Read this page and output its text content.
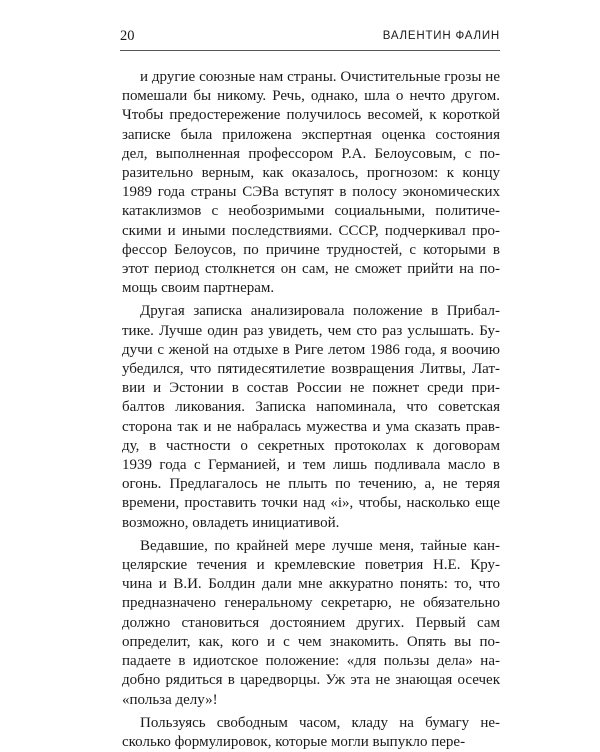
20	ВАЛЕНТИН ФАЛИН

и другие союзные нам страны. Очистительные грозы не
помешали бы никому. Речь, однако, шла о нечто другом.
Чтобы предостережение получилось весомей, к короткой
записке была приложена экспертная оценка состояния
дел, выполненная профессором Р.А. Белоусовым, с по-
разительно верным, как оказалось, прогнозом: к концу
1989 года страны СЭВа вступят в полосу экономических
катаклизмов с необозримыми социальными, политиче-
скими и иными последствиями. СССР, подчеркивал про-
фессор Белоусов, по причине трудностей, с которыми в
этот период столкнется он сам, не сможет прийти на по-
мощь своим партнерам.

Другая записка анализировала положение в Прибал-
тике. Лучше один раз увидеть, чем сто раз услышать. Бу-
дучи с женой на отдыхе в Риге летом 1986 года, я воочию
убедился, что пятидесятилетие возвращения Литвы, Лат-
вии и Эстонии в состав России не пожнет среди при-
балтов ликования. Записка напоминала, что советская
сторона так и не набралась мужества и ума сказать прав-
ду, в частности о секретных протоколах к договорам
1939 года с Германией, и тем лишь подливала масло в
огонь. Предлагалось не плыть по течению, а, не теряя
времени, проставить точки над «i», чтобы, насколько еще
возможно, овладеть инициативой.

Ведавшие, по крайней мере лучше меня, тайные кан-
целярские течения и кремлевские поветрия Н.Е. Кру-
чина и В.И. Болдин дали мне аккуратно понять: то, что
предназначено генеральному секретарю, не обязательно
должно становиться достоянием других. Первый сам
определит, как, кого и с чем знакомить. Опять вы по-
падаете в идиотское положение: «для пользы дела» на-
добно рядиться в царедворцы. Уж эта не знающая осечек
«польза делу»!

Пользуясь свободным часом, кладу на бумагу не-
сколько формулировок, которые могли выпукло пере-
